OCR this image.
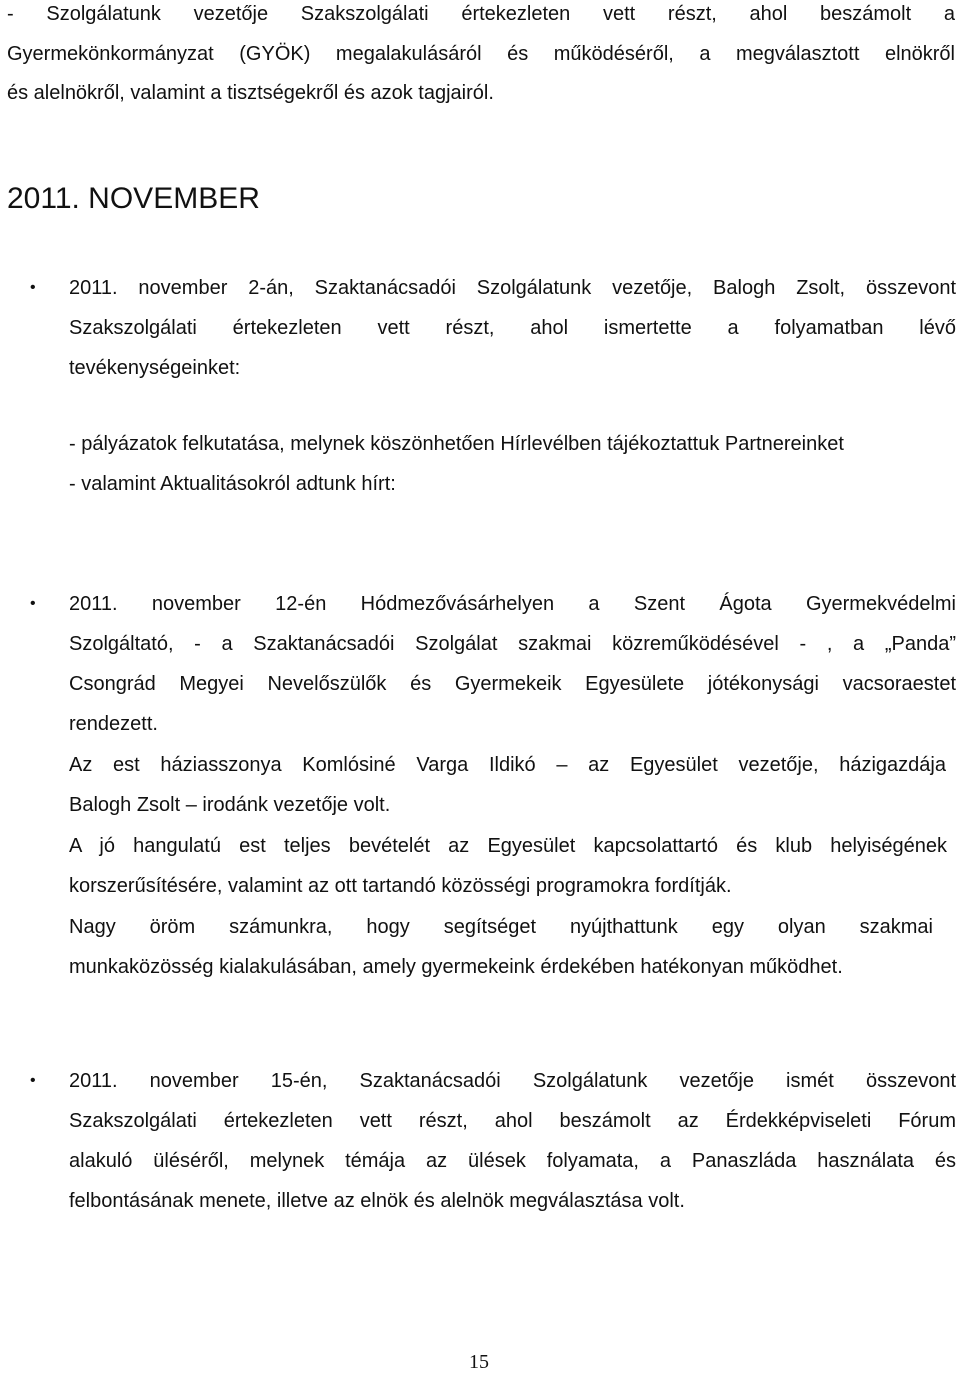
- Szolgálatunk vezetője Szakszolgálati értekezleten vett részt, ahol beszámolt a
Gyermekönkormányzat (GYÖK) megalakulásáról és működéséről, a megválasztott elnökről
és alelnökről, valamint a tisztségekről és azok tagjairól.
2011. NOVEMBER
• 2011. november 2-án, Szaktanácsadói Szolgálatunk vezetője, Balogh Zsolt, összevont
Szakszolgálati értekezleten vett részt, ahol ismertette a folyamatban lévő
tevékenységeinket:
- pályázatok felkutatása, melynek köszönhetően Hírlevélben tájékoztattuk Partnereinket
- valamint Aktualitásokról adtunk hírt:
• 2011. november 12-én Hódmezővásárhelyen a Szent Ágota Gyermekvédelmi
Szolgáltató, - a Szaktanácsadói Szolgálat szakmai közreműködésével - , a „Panda”
Csongrád Megyei Nevelőszülők és Gyermekeik Egyesülete jótékonysági vacsoraestet
rendezett.
Az est háziasszonya Komlósiné Varga Ildikó – az Egyesület vezetője, házigazdája
Balogh Zsolt – irodánk vezetője volt.
A jó hangulatú est teljes bevételét az Egyesület kapcsolattartó és klub helyiségének
korszerűsítésére, valamint az ott tartandó közösségi programokra fordítják.
Nagy öröm számunkra, hogy segítséget nyújthattunk egy olyan szakmai
munkaközösség kialakulásában, amely gyermekeink érdekében hatékonyan működhet.
• 2011. november 15-én, Szaktanácsadói Szolgálatunk vezetője ismét összevont
Szakszolgálati értekezleten vett részt, ahol beszámolt az Érdekképviseleti Fórum
alakuló üléséről, melynek témája az ülések folyamata, a Panaszláda használata és
felbontásának menete, illetve az elnök és alelnök megválasztása volt.
15
